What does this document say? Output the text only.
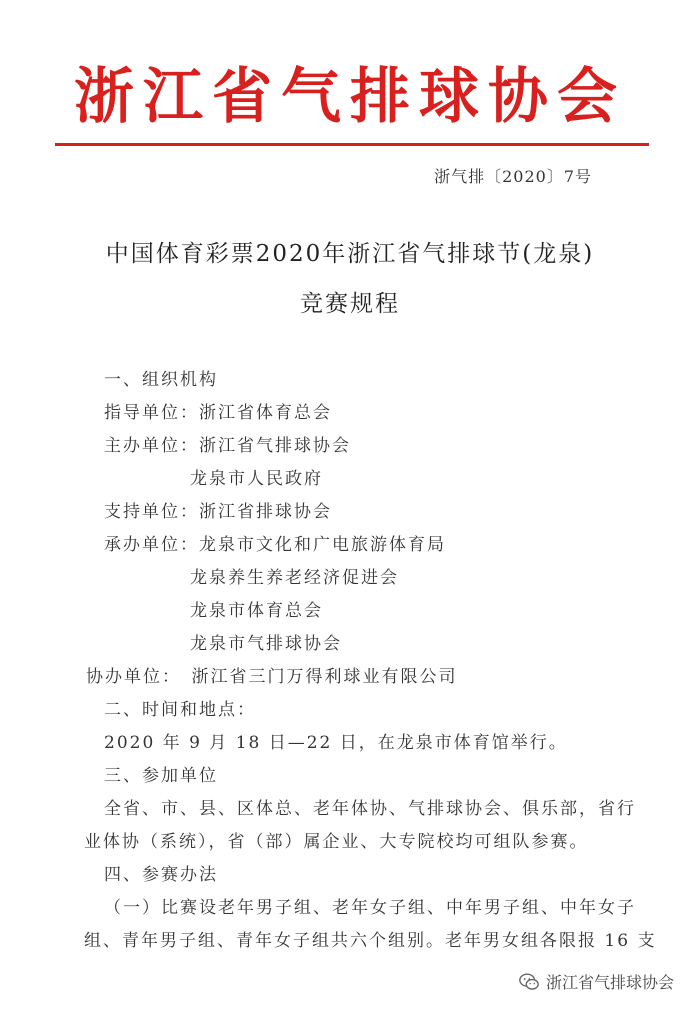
浙江省气排球协会
浙气排〔2020〕7号
中国体育彩票2020年浙江省气排球节(龙泉)
竞赛规程
一、组织机构
指导单位：浙江省体育总会
主办单位：浙江省气排球协会
龙泉市人民政府
支持单位：浙江省排球协会
承办单位：龙泉市文化和广电旅游体育局
龙泉养生养老经济促进会
龙泉市体育总会
龙泉市气排球协会
协办单位：　浙江省三门万得利球业有限公司
二、时间和地点：
2020 年 9 月 18 日—22 日，在龙泉市体育馆举行。
三、参加单位
全省、市、县、区体总、老年体协、气排球协会、俱乐部，省行
业体协（系统），省（部）属企业、大专院校均可组队参赛。
四、参赛办法
（一）比赛设老年男子组、老年女子组、中年男子组、中年女子
组、青年男子组、青年女子组共六个组别。老年男女组各限报 16 支
浙江省气排球协会
